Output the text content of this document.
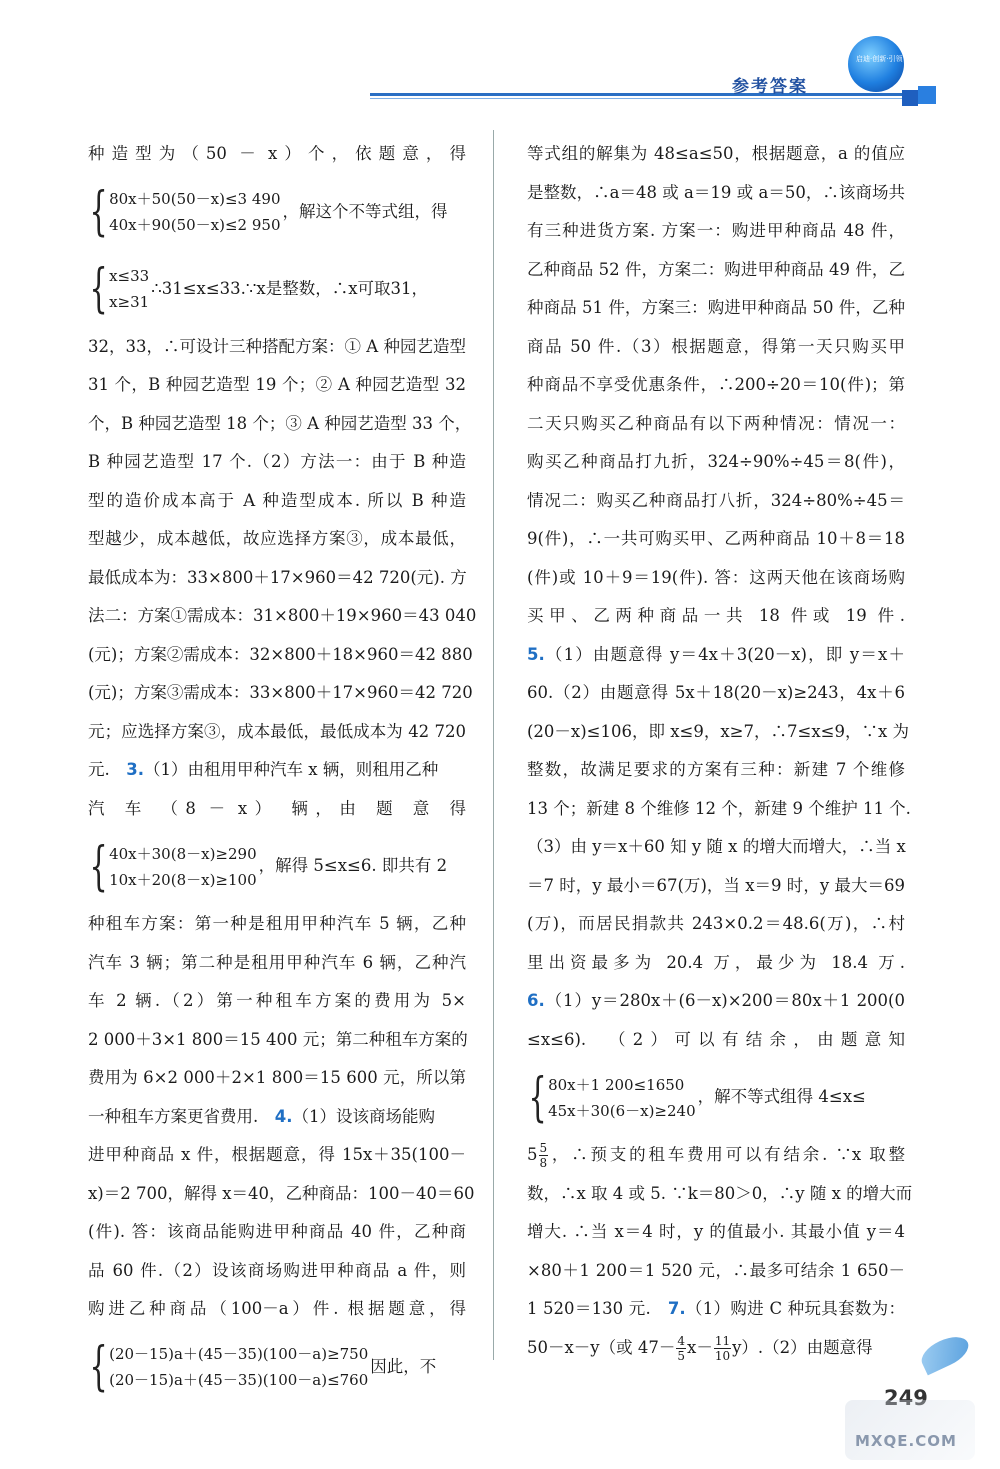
参考答案
启迪·创新·引领
种造型为（50 － x）个，依题意，得
{ 80x＋50(50－x)≤3 490
40x＋90(50－x)≤2 950
，解这个不等式组，得
{ x≤33
x≥31
∴31≤x≤33.∵x是整数，∴x可取31，
32，33，∴可设计三种搭配方案：① A 种园艺造型
31 个，B 种园艺造型 19 个；② A 种园艺造型 32
个，B 种园艺造型 18 个；③ A 种园艺造型 33 个，
B 种园艺造型 17 个.（2）方法一：由于 B 种造
型的造价成本高于 A 种造型成本. 所以 B 种造
型越少，成本越低，故应选择方案③，成本最低，
最低成本为：33×800＋17×960＝42 720(元). 方
法二：方案①需成本：31×800＋19×960＝43 040
(元)；方案②需成本：32×800＋18×960＝42 880
(元)；方案③需成本：33×800＋17×960＝42 720
元；应选择方案③，成本最低，最低成本为 42 720
元.　 3.（1）由租用甲种汽车 x 辆，则租用乙种
汽 车 （8 － x） 辆，由 题 意 得
{ 40x＋30(8－x)≥290
10x＋20(8－x)≥100
，解得 5≤x≤6. 即共有 2
种租车方案：第一种是租用甲种汽车 5 辆，乙种
汽车 3 辆；第二种是租用甲种汽车 6 辆，乙种汽
车 2 辆.（2）第一种租车方案的费用为 5×
2 000＋3×1 800＝15 400 元；第二种租车方案的
费用为 6×2 000＋2×1 800＝15 600 元，所以第
一种租车方案更省费用.　 4.（1）设该商场能购
进甲种商品 x 件，根据题意，得 15x＋35(100－
x)＝2 700，解得 x＝40，乙种商品：100－40＝60
(件). 答：该商品能购进甲种商品 40 件，乙种商
品 60 件.（2）设该商场购进甲种商品 a 件，则
购进乙种商品（100－a）件. 根据题意，得
{ (20－15)a＋(45－35)(100－a)≥750
(20－15)a＋(45－35)(100－a)≤760
因此，不
等式组的解集为 48≤a≤50，根据题意，a 的值应
是整数，∴a＝48 或 a＝19 或 a＝50，∴该商场共
有三种进货方案. 方案一：购进甲种商品 48 件，
乙种商品 52 件，方案二：购进甲种商品 49 件，乙
种商品 51 件，方案三：购进甲种商品 50 件，乙种
商品 50 件.（3）根据题意，得第一天只购买甲
种商品不享受优惠条件，∴200÷20＝10(件)；第
二天只购买乙种商品有以下两种情况：情况一：
购买乙种商品打九折，324÷90%÷45＝8(件)，
情况二：购买乙种商品打八折，324÷80%÷45＝
9(件)，∴一共可购买甲、乙两种商品 10＋8＝18
(件)或 10＋9＝19(件). 答：这两天他在该商场购
买甲、乙两种商品一共 18 件或 19 件.
5.（1）由题意得 y＝4x＋3(20－x)，即 y＝x＋
60.（2）由题意得 5x＋18(20－x)≥243，4x＋6
(20－x)≤106，即 x≤9，x≥7，∴7≤x≤9，∵x 为
整数，故满足要求的方案有三种：新建 7 个维修
13 个；新建 8 个维修 12 个，新建 9 个维护 11 个.
（3）由 y＝x＋60 知 y 随 x 的增大而增大，∴当 x
＝7 时，y 最小＝67(万)，当 x＝9 时，y 最大＝69
(万)，而居民捐款共 243×0.2＝48.6(万)，∴村
里出资最多为 20.4 万，最少为 18.4 万.
6.（1）y＝280x＋(6－x)×200＝80x＋1 200(0
≤x≤6).　（2）可以有结余，由题意知
{ 80x＋1 200≤1650
45x＋30(6－x)≥240
，解不等式组得 4≤x≤
$5 \frac{5}{8}$ ，∴预支的租车费用可以有结余. ∵x 取整
数，∴x 取 4 或 5. ∵k＝80＞0，∴y 随 x 的增大而
增大. ∴当 x＝4 时，y 的值最小. 其最小值 y＝4
×80＋1 200＝1 520 元，∴最多可结余 1 650－
1 520＝130 元.　 7.（1）购进 C 种玩具套数为：
50－x－y（或 $47- \frac{4}{5} x- \frac{11}{10} y).(2)$由题意得
249
MXQE.COM
